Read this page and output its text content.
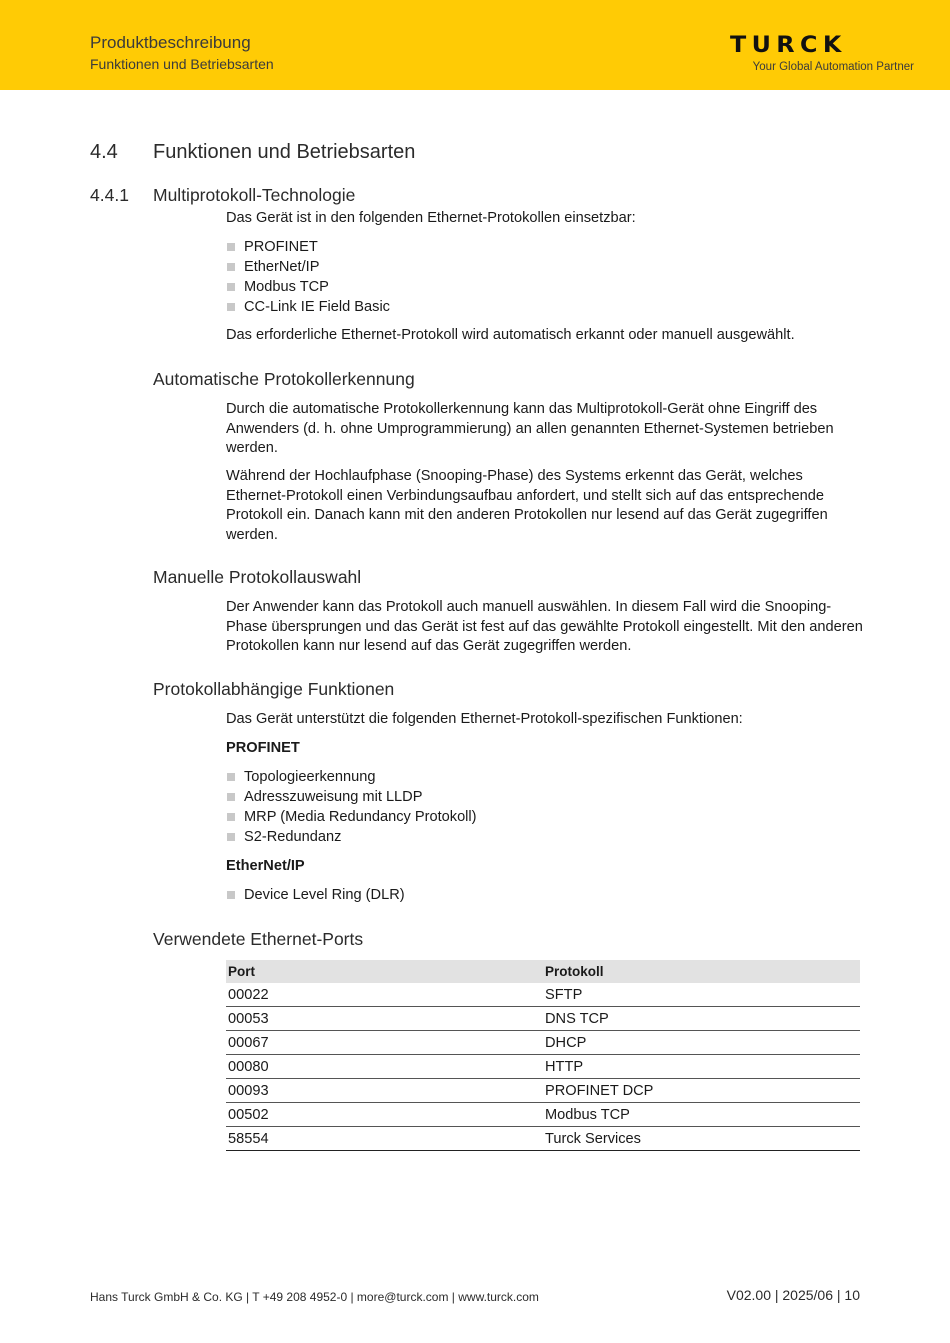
Produktbeschreibung
Funktionen und Betriebsarten
TURCK
Your Global Automation Partner
4.4 Funktionen und Betriebsarten
4.4.1 Multiprotokoll-Technologie

Das Gerät ist in den folgenden Ethernet-Protokollen einsetzbar:

PROFINET
EtherNet/IP
Modbus TCP
CC-Link IE Field Basic

Das erforderliche Ethernet-Protokoll wird automatisch erkannt oder manuell ausgewählt.

Automatische Protokollerkennung

Durch die automatische Protokollerkennung kann das Multiprotokoll-Gerät ohne Eingriff des Anwenders (d. h. ohne Umprogrammierung) an allen genannten Ethernet-Systemen betrieben werden.

Während der Hochlaufphase (Snooping-Phase) des Systems erkennt das Gerät, welches Ethernet-Protokoll einen Verbindungsaufbau anfordert, und stellt sich auf das entsprechende Protokoll ein. Danach kann mit den anderen Protokollen nur lesend auf das Gerät zugegriffen werden.

Manuelle Protokollauswahl

Der Anwender kann das Protokoll auch manuell auswählen. In diesem Fall wird die Snooping-Phase übersprungen und das Gerät ist fest auf das gewählte Protokoll eingestellt. Mit den anderen Protokollen kann nur lesend auf das Gerät zugegriffen werden.

Protokollabhängige Funktionen

Das Gerät unterstützt die folgenden Ethernet-Protokoll-spezifischen Funktionen:

PROFINET

Topologieerkennung
Adresszuweisung mit LLDP
MRP (Media Redundancy Protokoll)
S2-Redundanz

EtherNet/IP

Device Level Ring (DLR)
Verwendete Ethernet-Ports
Port	Protokoll
00022	SFTP
00053	DNS TCP
00067	DHCP
00080	HTTP
00093	PROFINET DCP
00502	Modbus TCP
58554	Turck Services
Hans Turck GmbH & Co. KG | T +49 208 4952-0 | more@turck.com | www.turck.com	V02.00 | 2025/06 | 10
